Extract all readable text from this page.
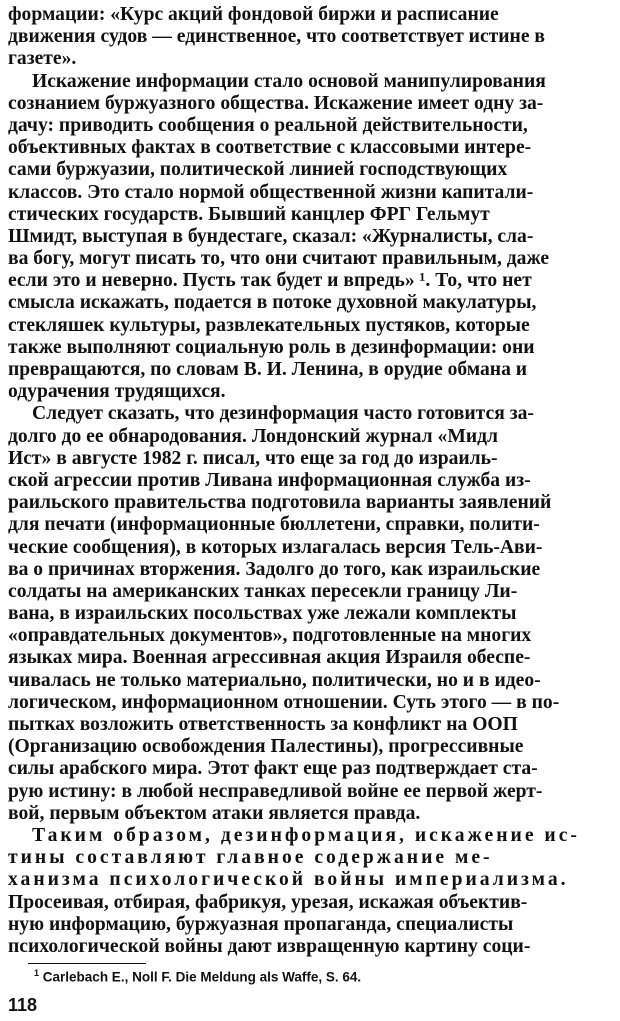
формации: «Курс акций фондовой биржи и расписание
движения судов — единственное, что соответствует истине в
газете».
Искажение информации стало основой манипулирования
сознанием буржуазного общества. Искажение имеет одну за-
дачу: приводить сообщения о реальной действительности,
объективных фактах в соответствие с классовыми интере-
сами буржуазии, политической линией господствующих
классов. Это стало нормой общественной жизни капитали-
стических государств. Бывший канцлер ФРГ Гельмут
Шмидт, выступая в бундестаге, сказал: «Журналисты, сла-
ва богу, могут писать то, что они считают правильным, даже
если это и неверно. Пусть так будет и впредь» ¹. То, что нет
смысла искажать, подается в потоке духовной макулатуры,
стекляшек культуры, развлекательных пустяков, которые
также выполняют социальную роль в дезинформации: они
превращаются, по словам В. И. Ленина, в орудие обмана и
одурачения трудящихся.
Следует сказать, что дезинформация часто готовится за-
долго до ее обнародования. Лондонский журнал «Мидл
Ист» в августе 1982 г. писал, что еще за год до израиль-
ской агрессии против Ливана информационная служба из-
раильского правительства подготовила варианты заявлений
для печати (информационные бюллетени, справки, полити-
ческие сообщения), в которых излагалась версия Тель-Ави-
ва о причинах вторжения. Задолго до того, как израильские
солдаты на американских танках пересекли границу Ли-
вана, в израильских посольствах уже лежали комплекты
«оправдательных документов», подготовленные на многих
языках мира. Военная агрессивная акция Израиля обеспе-
чивалась не только материально, политически, но и в идео-
логическом, информационном отношении. Суть этого — в по-
пытках возложить ответственность за конфликт на ООП
(Организацию освобождения Палестины), прогрессивные
силы арабского мира. Этот факт еще раз подтверждает ста-
рую истину: в любой несправедливой войне ее первой жерт-
вой, первым объектом атаки является правда.
Таким образом, дезинформация, искажение ис-
тины составляют главное содержание ме-
ханизма психологической войны империализма.
Просеивая, отбирая, фабрикуя, урезая, искажая объектив-
ную информацию, буржуазная пропаганда, специалисты
психологической войны дают извращенную картину соци-
$^1$ Carlebach E., Noll F. Die Meldung als Waffe, S. 64.
118
